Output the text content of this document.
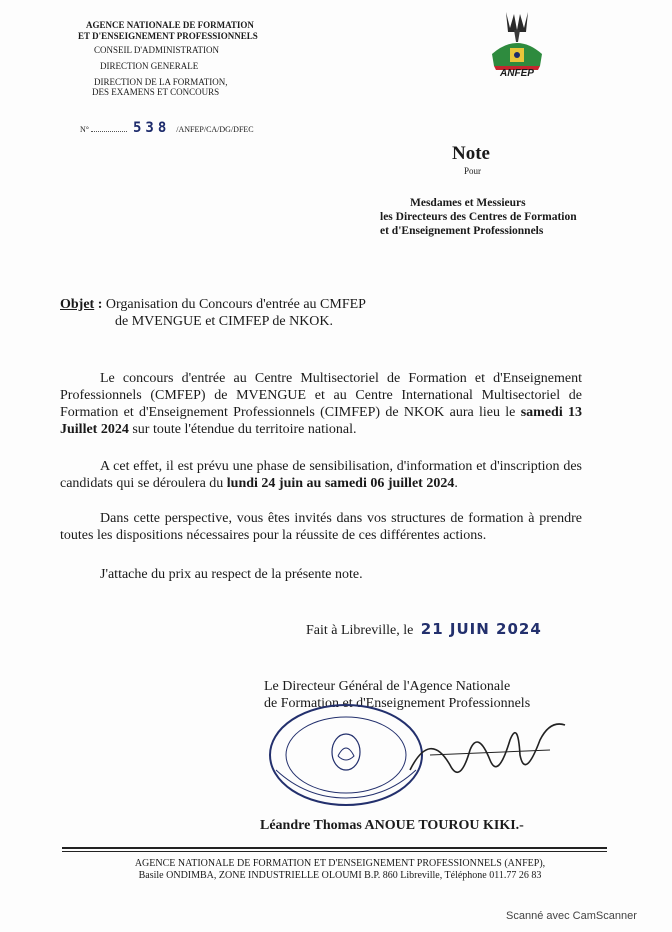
AGENCE NATIONALE DE FORMATION
ET D'ENSEIGNEMENT PROFESSIONNELS
CONSEIL D'ADMINISTRATION
DIRECTION GENERALE
DIRECTION DE LA FORMATION,
DES EXAMENS ET CONCOURS
N°	538 /ANFEP/CA/DG/DFEC
ANFEP
Note
Pour
Mesdames et Messieurs
les Directeurs des Centres de Formation
et d'Enseignement Professionnels
Objet : Organisation du Concours d'entrée au CMFEP
de MVENGUE et CIMFEP de NKOK.
Le concours d'entrée au Centre Multisectoriel de Formation et d'Enseignement Professionnels (CMFEP) de MVENGUE et au Centre International Multisectoriel de Formation et d'Enseignement Professionnels (CIMFEP) de NKOK aura lieu le samedi 13 Juillet 2024 sur toute l'étendue du territoire national.
A cet effet, il est prévu une phase de sensibilisation, d'information et d'inscription des candidats qui se déroulera du lundi 24 juin au samedi 06 juillet 2024.
Dans cette perspective, vous êtes invités dans vos structures de formation à prendre toutes les dispositions nécessaires pour la réussite de ces différentes actions.
J'attache du prix au respect de la présente note.
Fait à Libreville, le 21 JUIN 2024
Le Directeur Général de l'Agence Nationale
de Formation et d'Enseignement Professionnels
Léandre Thomas ANOUE TOUROU KIKI.-
AGENCE NATIONALE DE FORMATION ET D'ENSEIGNEMENT PROFESSIONNELS (ANFEP),
Basile ONDIMBA, ZONE INDUSTRIELLE OLOUMI B.P. 860 Libreville, Téléphone 011.77 26 83
Scanné avec CamScanner
